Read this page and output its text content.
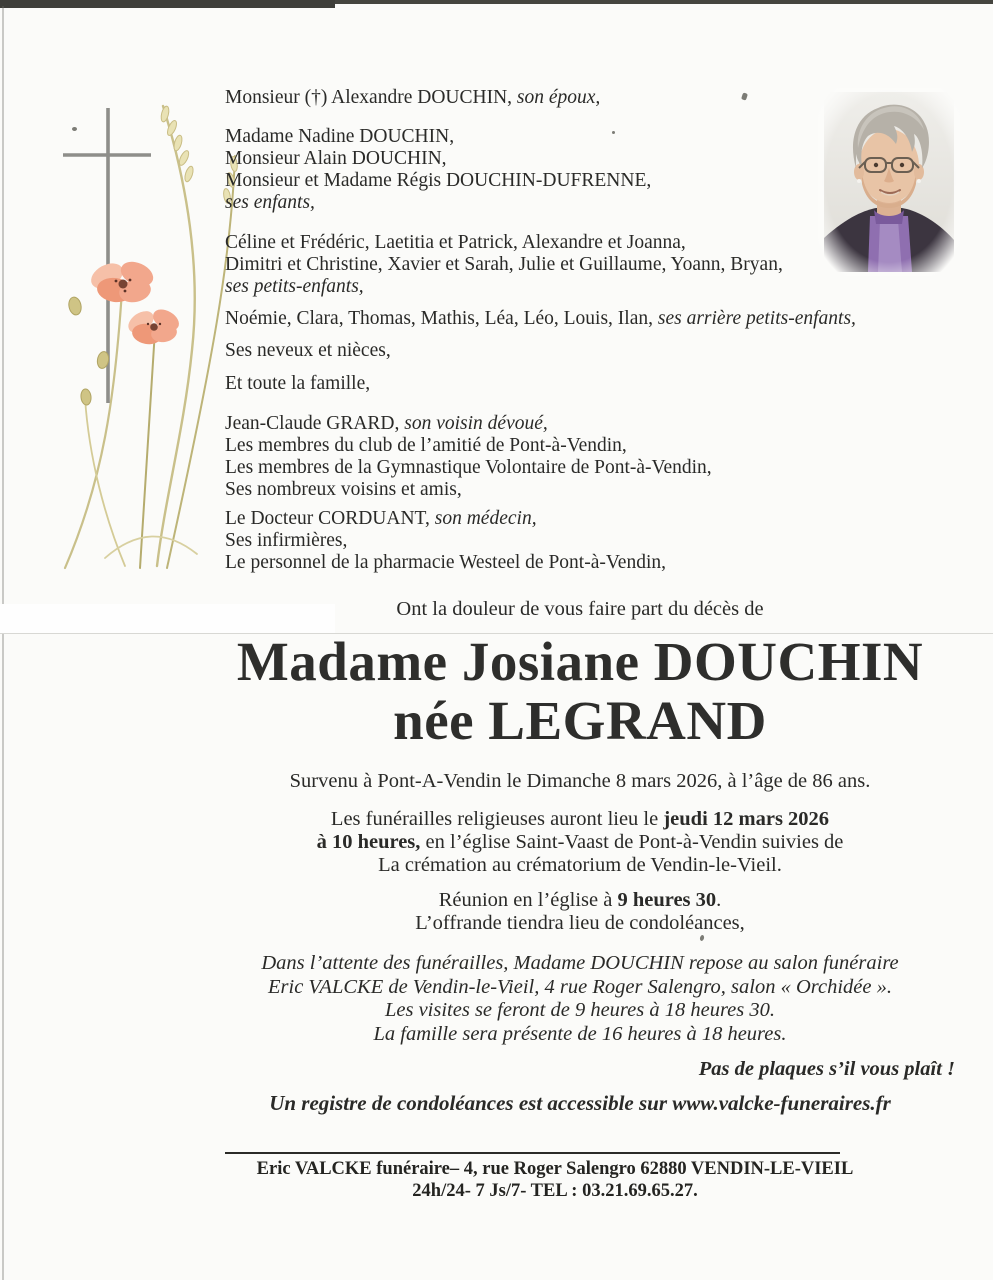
Monsieur (†) Alexandre DOUCHIN, son époux,
Madame Nadine DOUCHIN,
Monsieur Alain DOUCHIN,
Monsieur et Madame Régis DOUCHIN-DUFRENNE,
ses enfants,
Céline et Frédéric, Laetitia et Patrick, Alexandre et Joanna,
Dimitri et Christine, Xavier et Sarah, Julie et Guillaume, Yoann, Bryan,
ses petits-enfants,
Noémie, Clara, Thomas, Mathis, Léa, Léo, Louis, Ilan, ses arrière petits-enfants,
Ses neveux et nièces,
Et toute la famille,
Jean-Claude GRARD, son voisin dévoué,
Les membres du club de l’amitié de Pont-à-Vendin,
Les membres de la Gymnastique Volontaire de Pont-à-Vendin,
Ses nombreux voisins et amis,
Le Docteur CORDUANT, son médecin,
Ses infirmières,
Le personnel de la pharmacie Westeel de Pont-à-Vendin,
Ont la douleur de vous faire part du décès de
Madame Josiane DOUCHIN
née LEGRAND
Survenu à Pont-A-Vendin le Dimanche 8 mars 2026, à l’âge de 86 ans.
Les funérailles religieuses auront lieu le jeudi 12 mars 2026
à 10 heures, en l’église Saint-Vaast de Pont-à-Vendin suivies de
La crémation au crématorium de Vendin-le-Vieil.
Réunion en l’église à 9 heures 30.
L’offrande tiendra lieu de condoléances,
Dans l’attente des funérailles, Madame DOUCHIN repose au salon funéraire
Eric VALCKE de Vendin-le-Vieil, 4 rue Roger Salengro, salon « Orchidée ».
Les visites se feront de 9 heures à 18 heures 30.
La famille sera présente de 16 heures à 18 heures.
Pas de plaques s’il vous plaît !
Un registre de condoléances est accessible sur www.valcke-funeraires.fr
Eric VALCKE funéraire– 4, rue Roger Salengro 62880 VENDIN-LE-VIEIL
24h/24- 7 Js/7- TEL : 03.21.69.65.27.
